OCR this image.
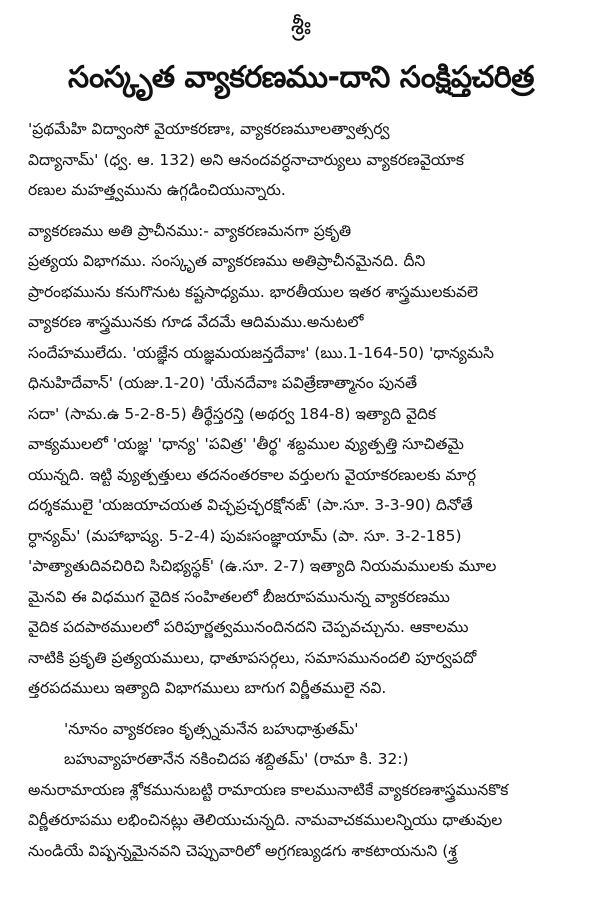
శ్రీః
సంస్కృత వ్యాకరణము-దాని సంక్షిప్తచరిత్ర
'ప్రథమేహి విద్వాంసో వైయాకరణాః, వ్యాకరణమూలత్వాత్సర్వ
విద్యానామ్' (ధ్వ. ఆ. 132) అని ఆనందవర్ధనాచార్యులు వ్యాకరణవైయాక
రణుల మహత్త్వమును ఉగ్గడించియున్నారు.
వ్యాకరణము అతి ప్రాచీనము:- వ్యాకరణమనగా ప్రకృతి
ప్రత్యయ విభాగము. సంస్కృత వ్యాకరణము అతిప్రాచీనమైనది. దీని
ప్రారంభమును కనుగొనుట కష్టసాధ్యము. భారతీయుల ఇతర శాస్త్రములకువలె
వ్యాకరణ శాస్త్రమునకు గూడ వేదమే ఆదిమము.అనుటలో
సందేహములేదు. 'యజ్ఞేన యజ్ఞమయజన్తదేవాః' (ఋ.1-164-50) 'ధాన్యమసి
ధినుహిదేవాన్' (యజు.1-20) 'యేనదేవాః పవిత్రేణాత్మానం పునతే
సదా' (సామ.ఉ 5-2-8-5) తీర్థేస్తరన్తి (అథర్వ 184-8) ఇత్యాది వైదిక
వాక్యములలో 'యజ్ఞ' 'ధాన్య' 'పవిత్ర' 'తీర్థ' శబ్దముల వ్యుత్పత్తి సూచితమై
యున్నది. ఇట్టి వ్యుత్పత్తులు తదనంతరకాల వర్తులగు వైయాకరణులకు మార్గ
దర్శకములై 'యజయాచయత విచ్ఛప్రచ్ఛరక్షోనఙ్' (పా.సూ. 3-3-90) దినోతే
ర్ధాన్యమ్' (మహాభాష్య. 5-2-4) పువఃసంజ్ఞాయామ్ (పా. సూ. 3-2-185)
'పాత్యాతుదివచిరిచి సిచిభ్యస్థక్' (ఉ.సూ. 2-7) ఇత్యాది నియమములకు మూల
మైనవి ఈ విధముగ వైదిక సంహితలలో బీజరూపమునున్న వ్యాకరణము
వైదిక పదపాఠములలో పరిపూర్ణత్వమునందినదని చెప్పవచ్చును. ఆకాలము
నాటికి ప్రకృతి ప్రత్యయములు, ధాతూపసర్గలు, సమాసమునందలి పూర్వపదో
త్తరపదములు ఇత్యాది విభాగములు బాగుగ విర్ణీతములై నవి.
'నూనం వ్యాకరణం కృత్స్నమనేన బహుధాశ్రుతమ్'
బహువ్యాహరతానేన నకించిదప శబ్దితమ్' (రామా కి. 32:)
అనురామాయణ శ్లోకమునుబట్టి రామాయణ కాలమునాటికే వ్యాకరణశాస్త్రమునకొక
విర్ణీతరూపము లభించినట్లు తెలియుచున్నది. నామవాచకములన్నియు ధాతువుల
నుండియే విష్పన్నమైనవని చెప్పువారిలో అగ్రగణ్యుడగు శాకటాయనుని (శ్త్ర
